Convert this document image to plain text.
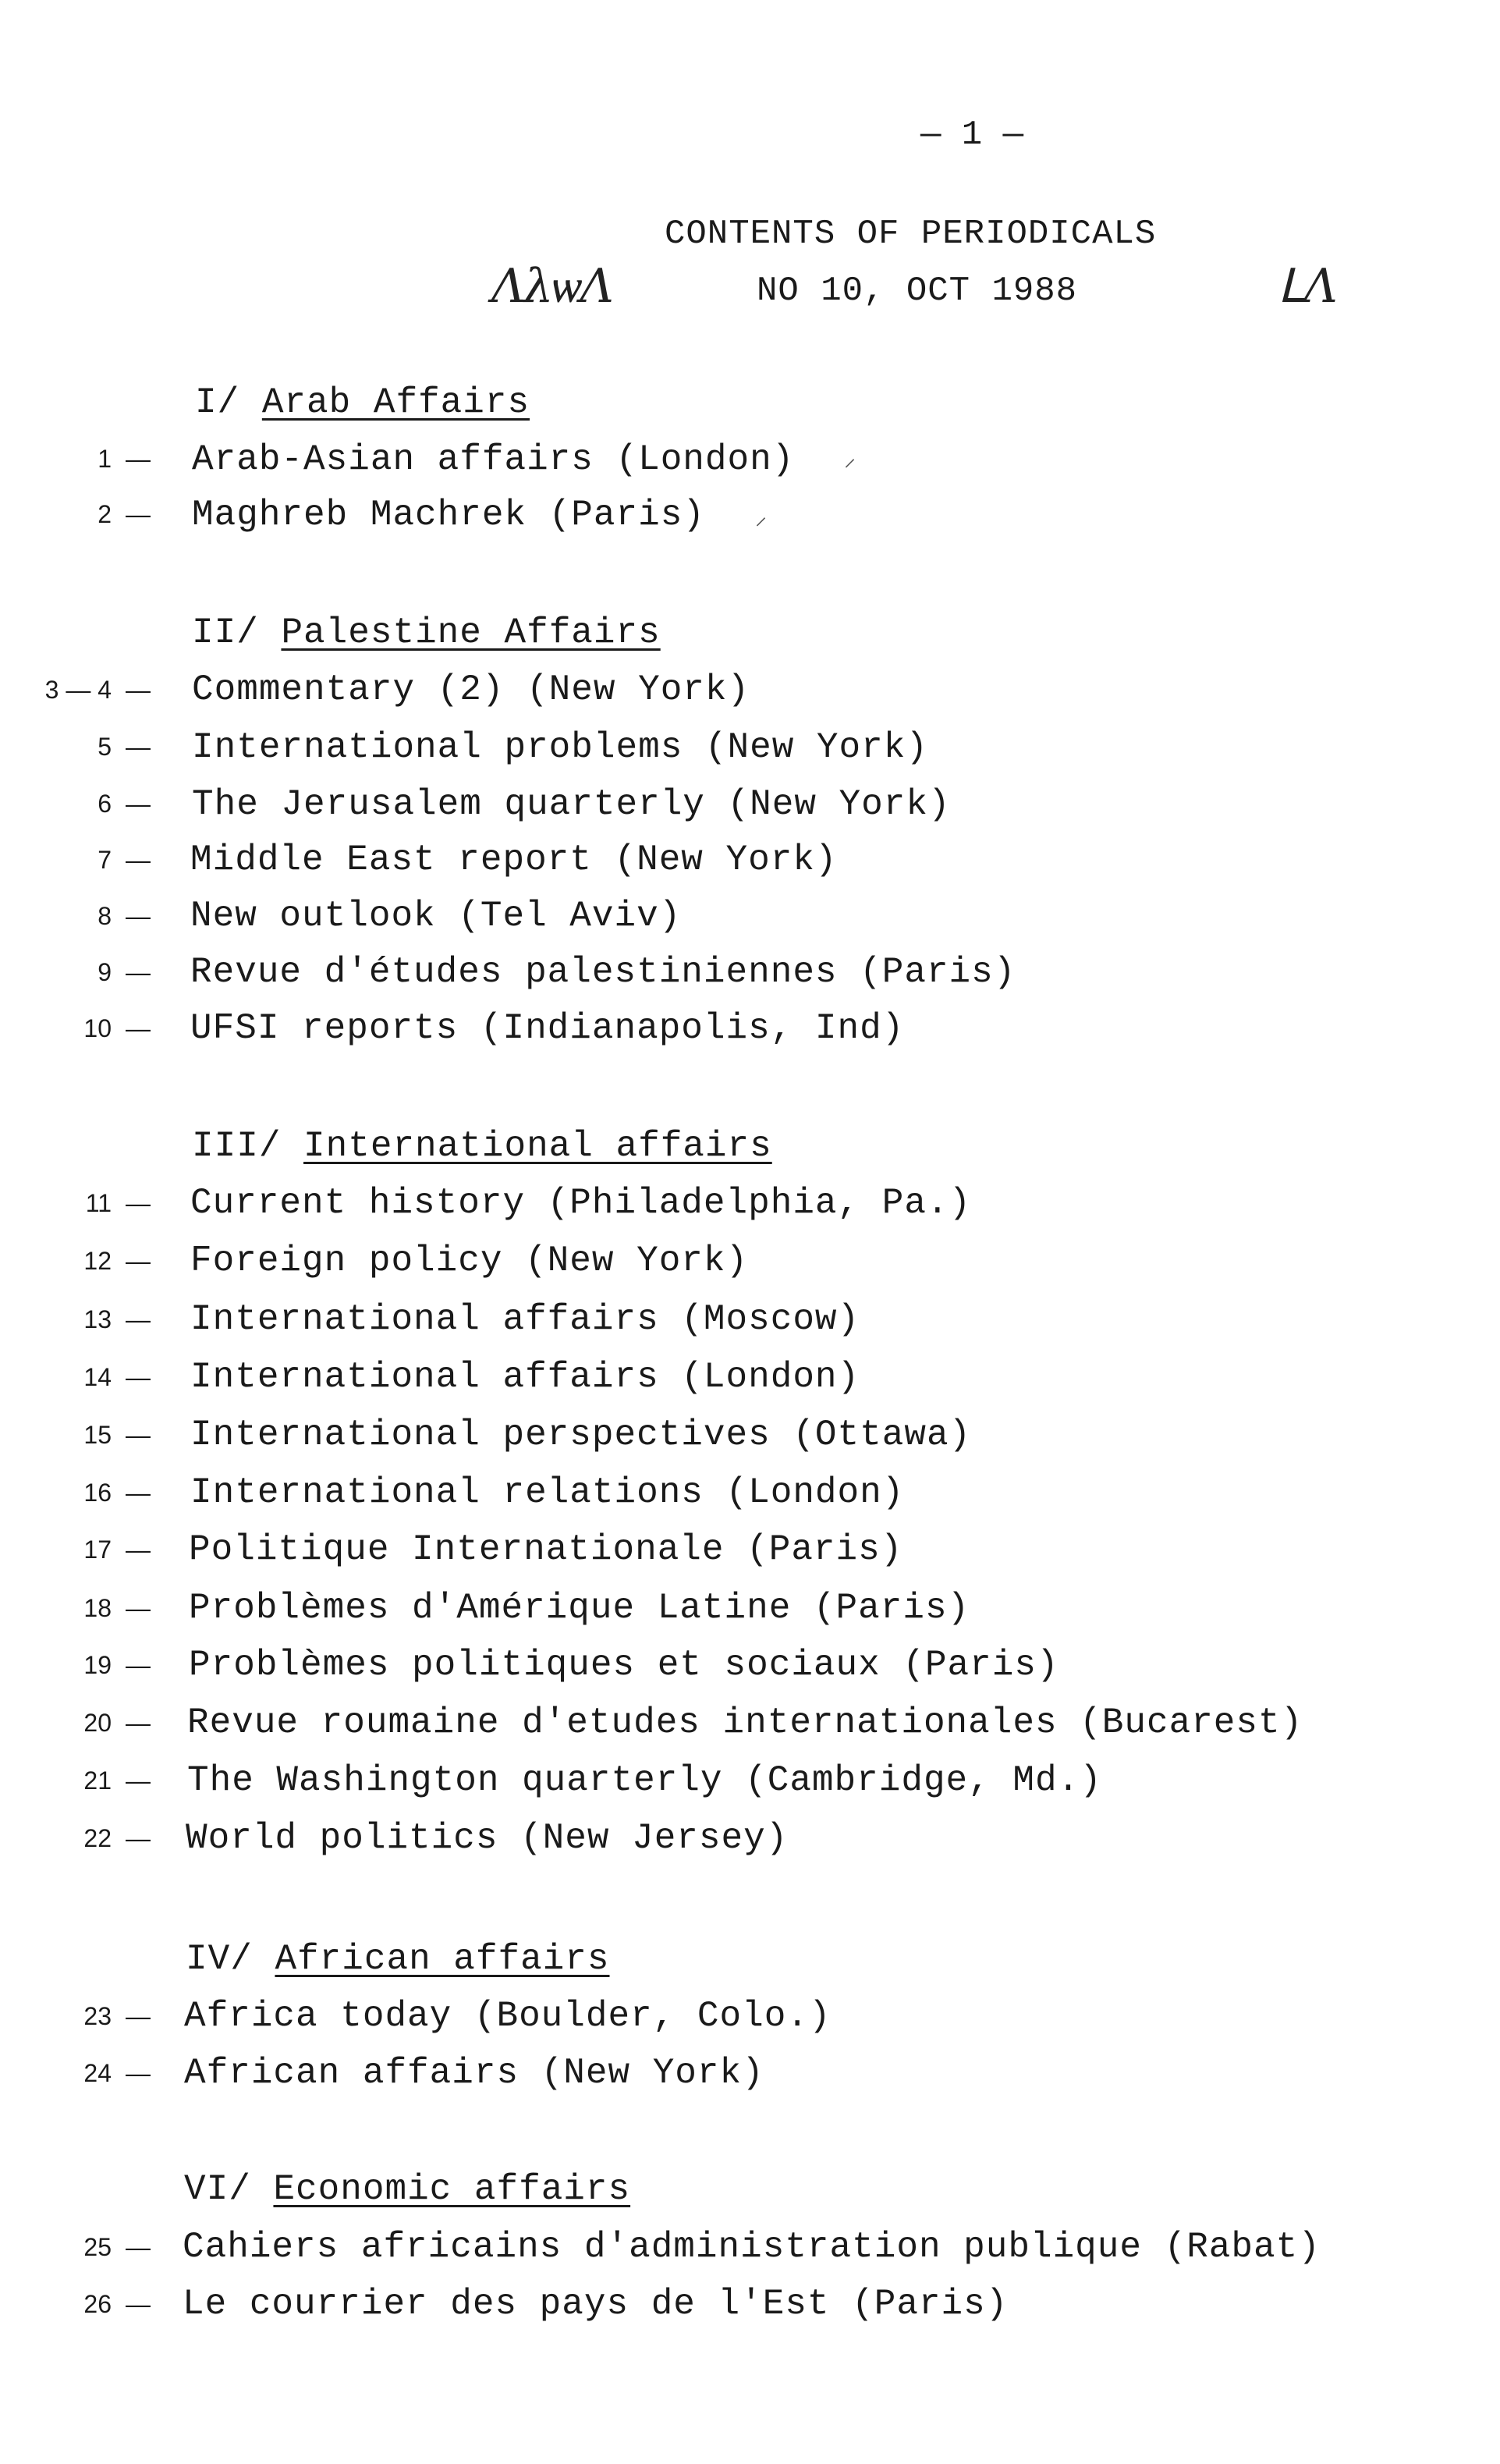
— 1 —
CONTENTS OF PERIODICALS
NO 10, OCT 1988
ΛλѡΛ	ᒪΛ
I/ Arab Affairs
1 — Arab-Asian affairs (London) ⸝
2 — Maghreb Machrek (Paris) ⸝
II/ Palestine Affairs
3 — 4 — Commentary (2) (New York)
5 — International problems (New York)
6 — The Jerusalem quarterly (New York)
7 — Middle East report (New York)
8 — New outlook (Tel Aviv)
9 — Revue d'études palestiniennes (Paris)
10 — UFSI reports (Indianapolis, Ind)
III/ International affairs
11 — Current history (Philadelphia, Pa.)
12 — Foreign policy (New York)
13 — International affairs (Moscow)
14 — International affairs (London)
15 — International perspectives (Ottawa)
16 — International relations (London)
17 — Politique Internationale (Paris)
18 — Problèmes d'Amérique Latine (Paris)
19 — Problèmes politiques et sociaux (Paris)
20 — Revue roumaine d'etudes internationales (Bucarest)
21 — The Washington quarterly (Cambridge, Md.)
22 — World politics (New Jersey)
IV/ African affairs
23 — Africa today (Boulder, Colo.)
24 — African affairs (New York)
VI/ Economic affairs
25 — Cahiers africains d'administration publique (Rabat)
26 — Le courrier des pays de l'Est (Paris)
